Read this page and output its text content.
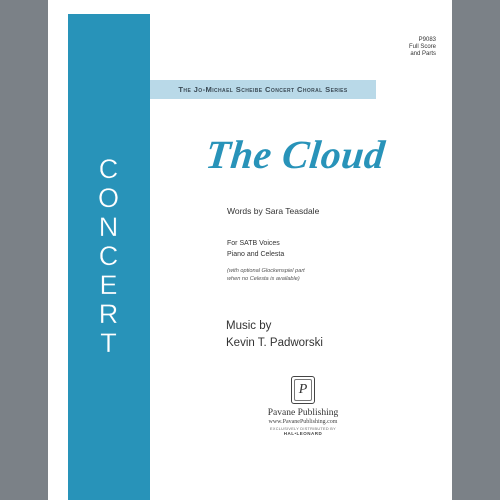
C
O
N
C
E
R
T
P9083
Full Score
and Parts
The Jo-Michael Scheibe Concert Choral Series
The Cloud
Words by Sara Teasdale
For SATB Voices
Piano and Celesta
(with optional Glockenspiel part
when no Celesta is available)
Music by
Kevin T. Padworski
P
Pavane Publishing
www.PavanePublishing.com
EXCLUSIVELY DISTRIBUTED BY
HAL•LEONARD
